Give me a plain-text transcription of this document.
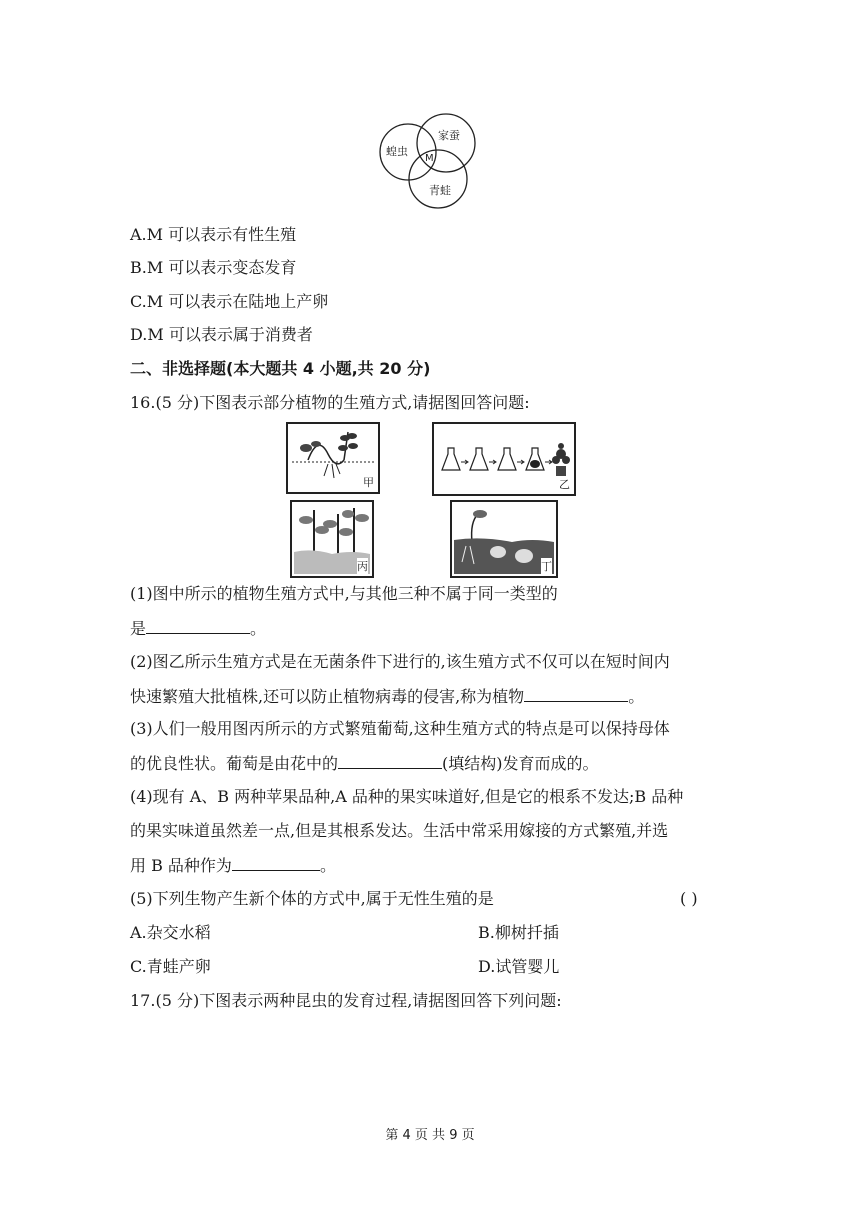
蝗虫
家蚕
青蛙
M
A.M 可以表示有性生殖
B.M 可以表示变态发育
C.M 可以表示在陆地上产卵
D.M 可以表示属于消费者
二、非选择题(本大题共 4 小题,共 20 分)
16.(5 分)下图表示部分植物的生殖方式,请据图回答问题:
甲	乙
丙	丁
(1)图中所示的植物生殖方式中,与其他三种不属于同一类型的
是	。
(2)图乙所示生殖方式是在无菌条件下进行的,该生殖方式不仅可以在短时间内
快速繁殖大批植株,还可以防止植物病毒的侵害,称为植物	。
(3)人们一般用图丙所示的方式繁殖葡萄,这种生殖方式的特点是可以保持母体
的优良性状。葡萄是由花中的	(填结构)发育而成的。
(4)现有 A、B 两种苹果品种,A 品种的果实味道好,但是它的根系不发达;B 品种
的果实味道虽然差一点,但是其根系发达。生活中常采用嫁接的方式繁殖,并选
用 B 品种作为	。
(5)下列生物产生新个体的方式中,属于无性生殖的是	( )
A.杂交水稻	B.柳树扦插
C.青蛙产卵	D.试管婴儿
17.(5 分)下图表示两种昆虫的发育过程,请据图回答下列问题:
第 4 页 共 9 页
